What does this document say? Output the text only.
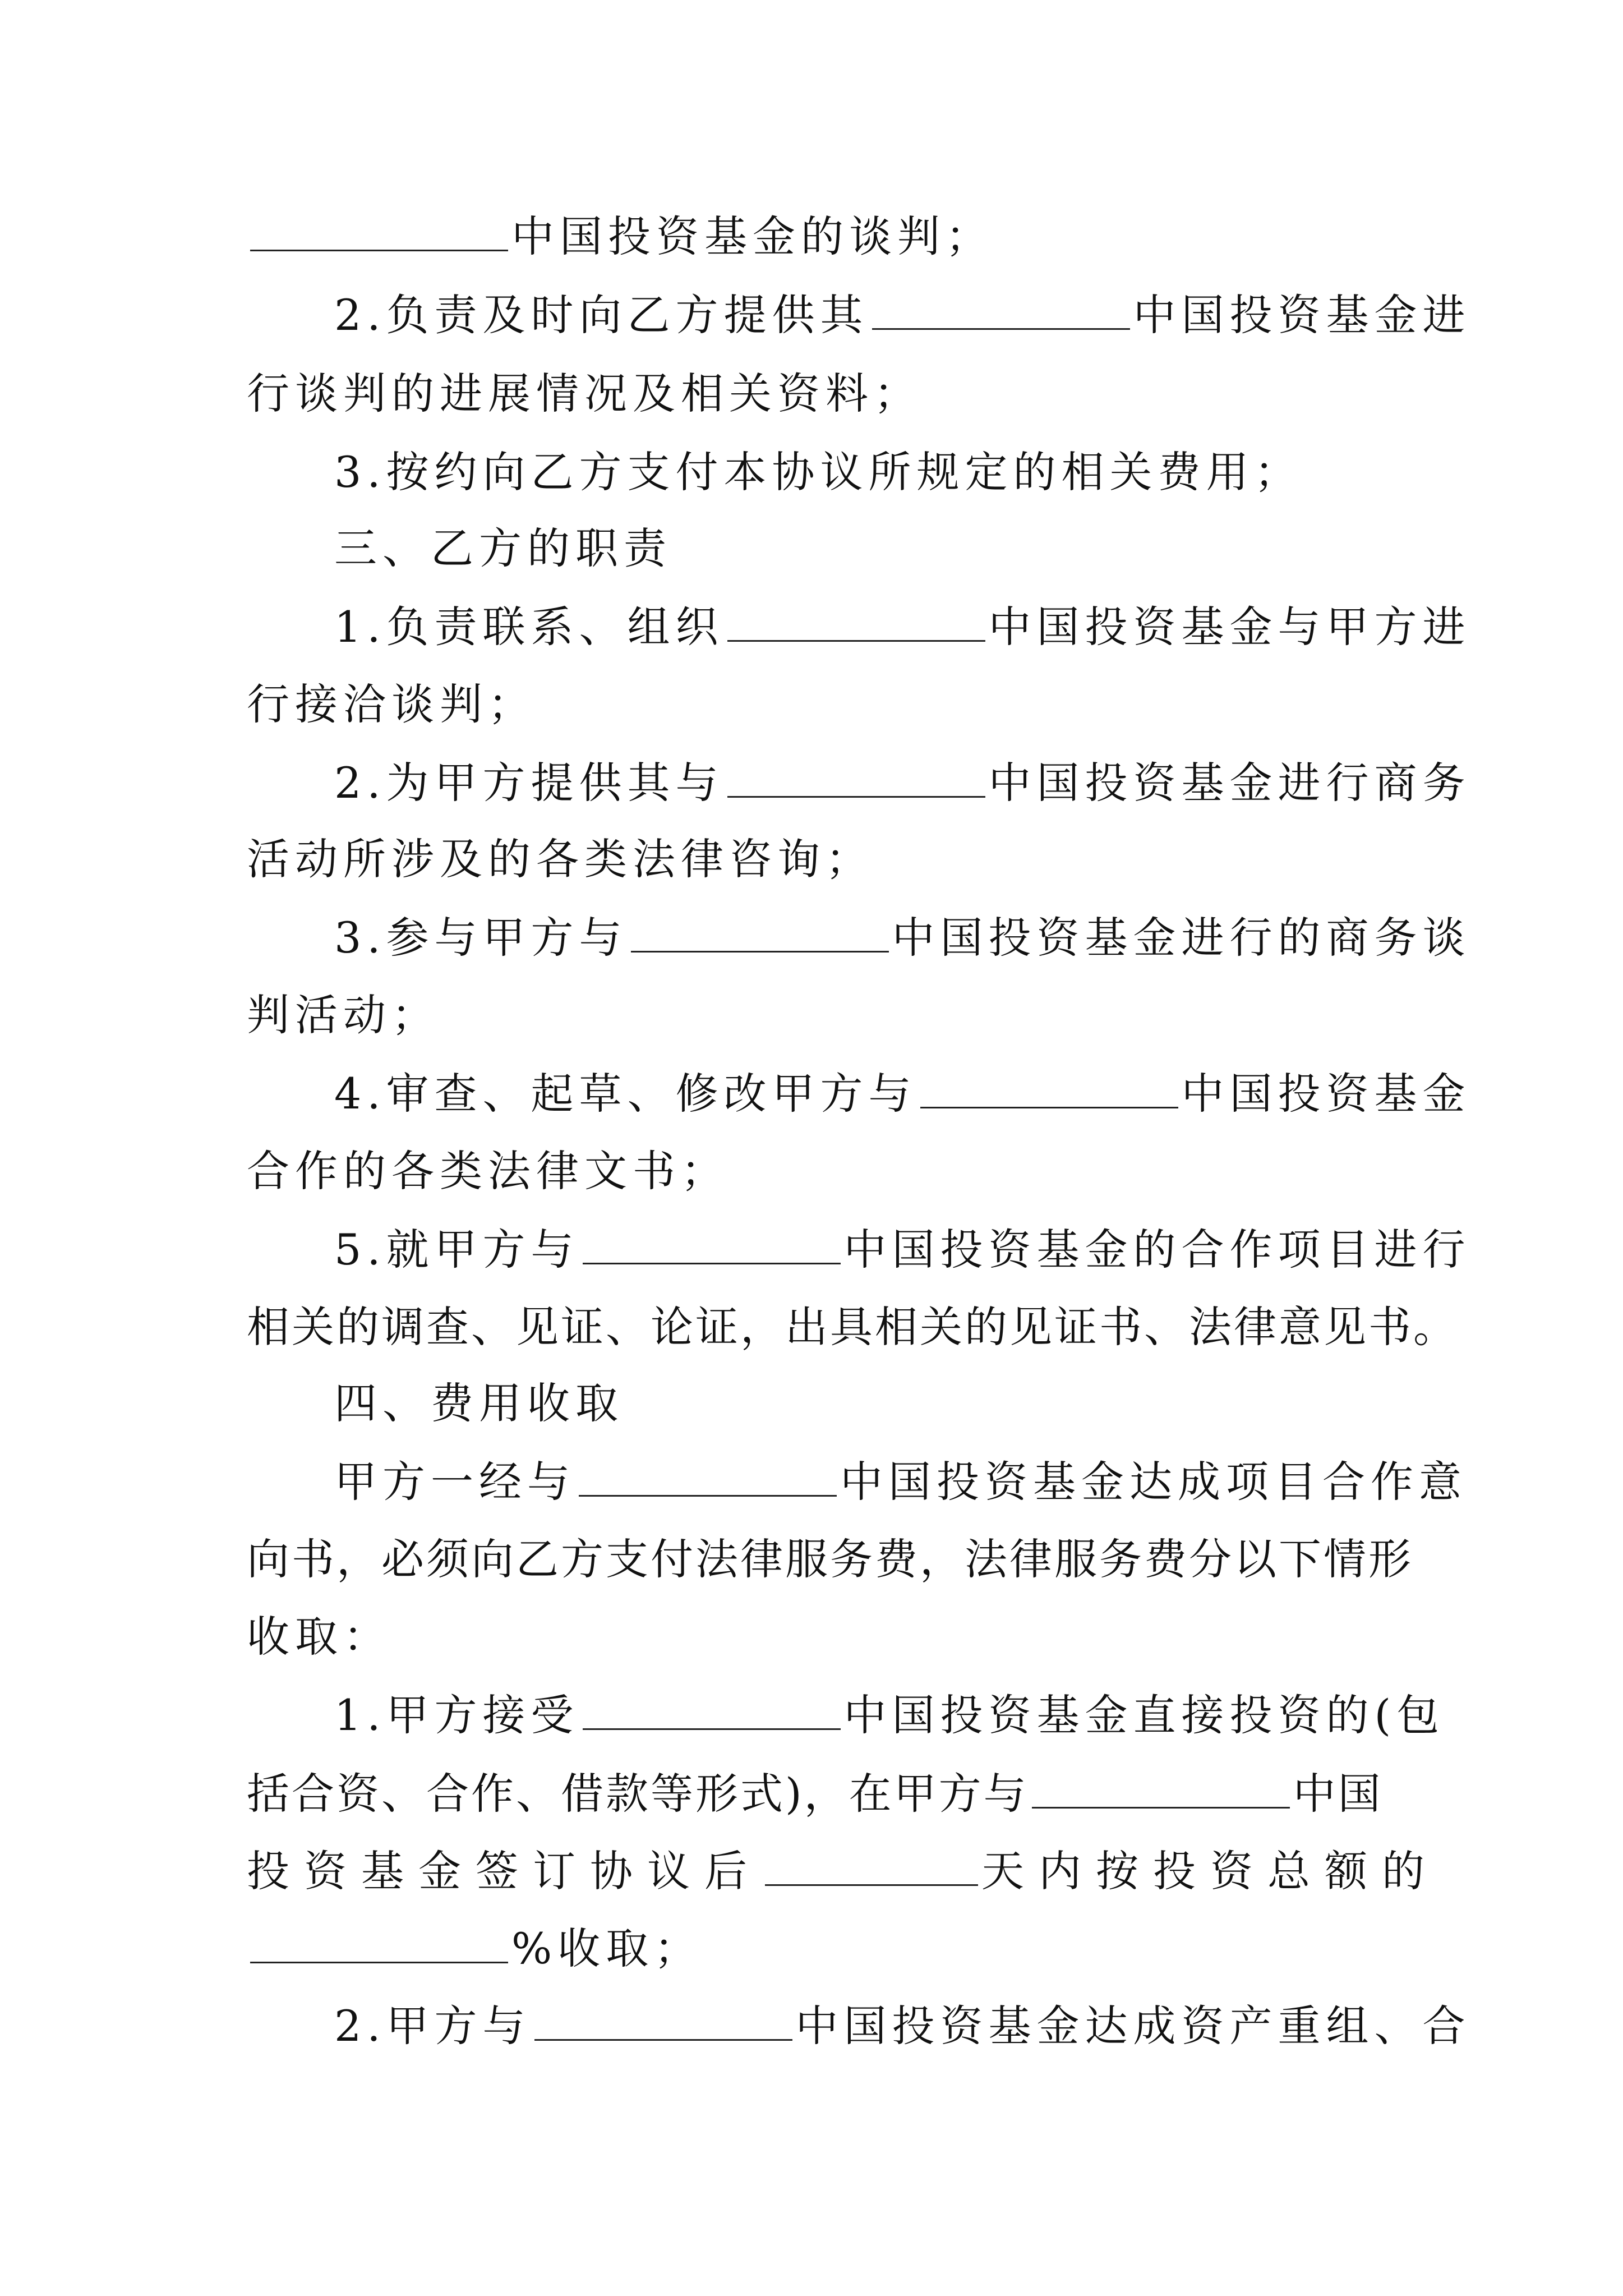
中国投资基金的谈判；
2.负责及时向乙方提供其	中国投资基金进
行谈判的进展情况及相关资料；
3.按约向乙方支付本协议所规定的相关费用；
三、乙方的职责
1.负责联系、组织	中国投资基金与甲方进
行接洽谈判；
2.为甲方提供其与	中国投资基金进行商务
活动所涉及的各类法律咨询；
3.参与甲方与	中国投资基金进行的商务谈
判活动；
4.审查、起草、修改甲方与	中国投资基金
合作的各类法律文书；
5.就甲方与	中国投资基金的合作项目进行
相关的调查、见证、论证，出具相关的见证书、法律意见书。
四、费用收取
甲方一经与	中国投资基金达成项目合作意
向书，必须向乙方支付法律服务费，法律服务费分以下情形
收取：
1.甲方接受	中国投资基金直接投资的(包
括合资、合作、借款等形式)，在甲方与	中国
投资基金签订协议后	天内按投资总额的
%收取；
2.甲方与	中国投资基金达成资产重组、合
